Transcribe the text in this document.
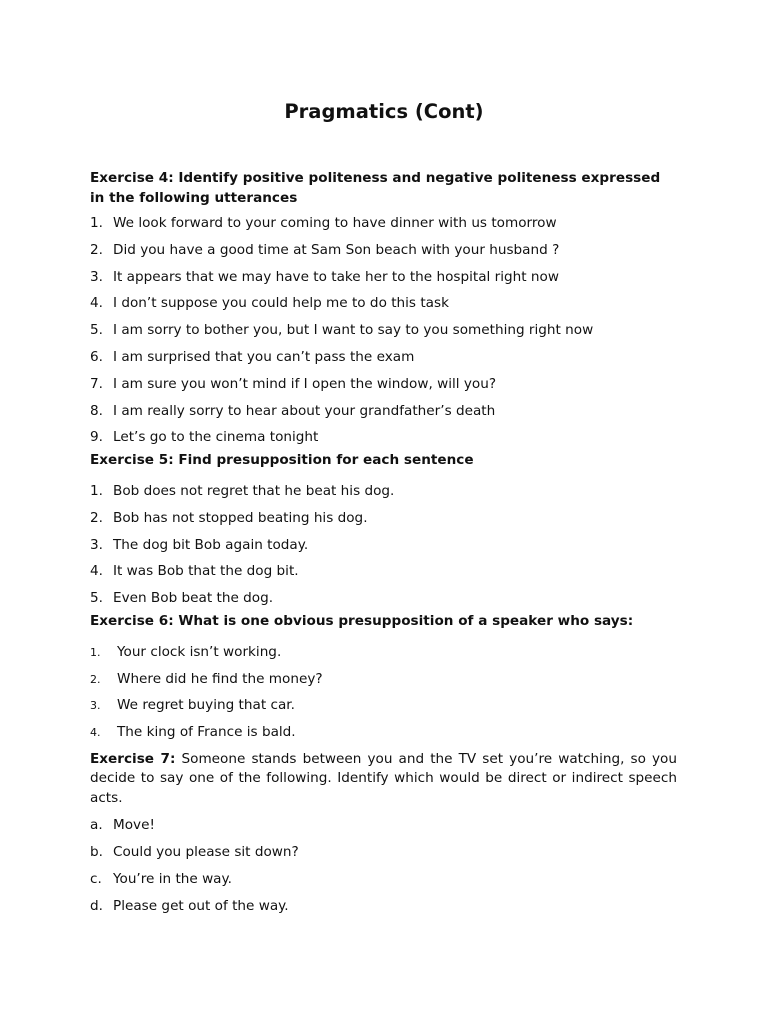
Pragmatics (Cont)

Exercise 4: Identify positive politeness and negative politeness expressed in the following utterances

1. We look forward to your coming to have dinner with us tomorrow
2. Did you have a good time at Sam Son beach with your husband ?
3. It appears that we may have to take her to the hospital right now
4. I don’t suppose you could help me to do this task
5. I am sorry to bother you, but I want to say to you something right now
6. I am surprised that you can’t pass the exam
7. I am sure you won’t mind if I open the window, will you?
8. I am really sorry to hear about your grandfather’s death
9. Let’s go to the cinema tonight
Exercise 5: Find presupposition for each sentence
1. Bob does not regret that he beat his dog.
2. Bob has not stopped beating his dog.
3. The dog bit Bob again today.
4. It was Bob that the dog bit.
5. Even Bob beat the dog.
Exercise 6: What is one obvious presupposition of a speaker who says:
1.	Your clock isn’t working.
2.	Where did he find the money?
3.	We regret buying that car.
4.	The king of France is bald.

Exercise 7: Someone stands between you and the TV set you’re watching, so you decide to say one of the following. Identify which would be direct or indirect speech acts.

a. Move!
b. Could you please sit down?
c. You’re in the way.
d. Please get out of the way.
